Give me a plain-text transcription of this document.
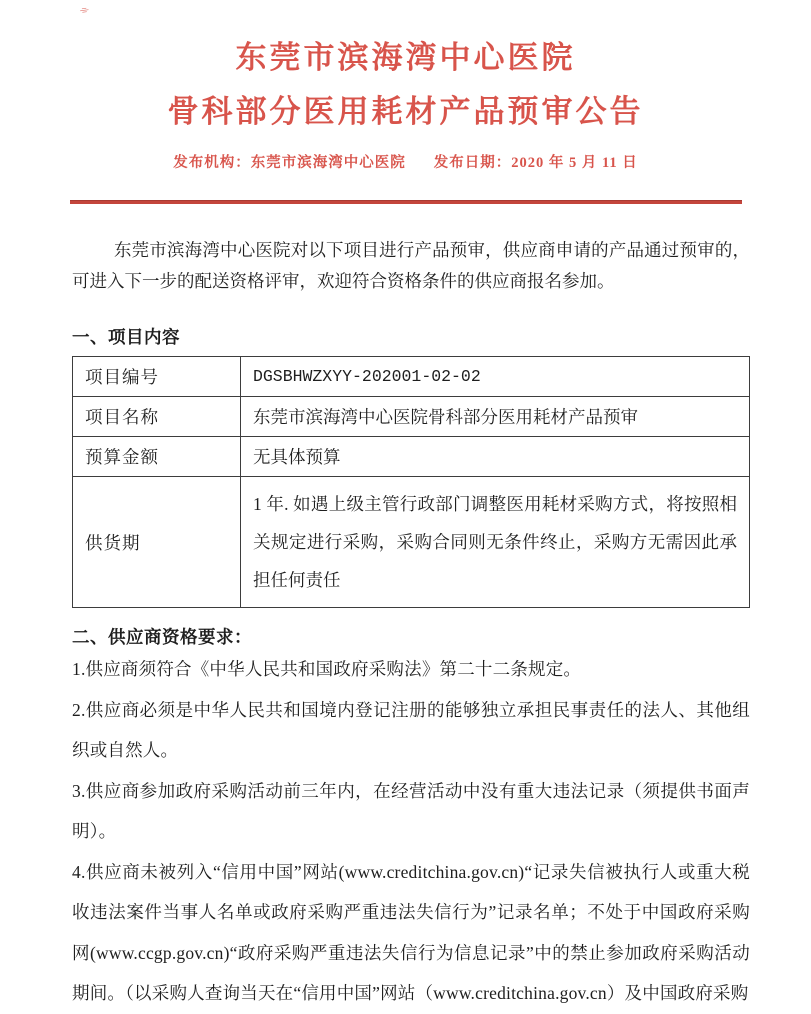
⌯
东莞市滨海湾中心医院
骨科部分医用耗材产品预审公告
发布机构：东莞市滨海湾中心医院 发布日期：2020 年 5 月 11 日

东莞市滨海湾中心医院对以下项目进行产品预审，供应商申请的产品通过预审的，可进入下一步的配送资格评审，欢迎符合资格条件的供应商报名参加。

一、项目内容

项目编号	DGSBHWZXYY-202001-02-02
项目名称	东莞市滨海湾中心医院骨科部分医用耗材产品预审
预算金额	无具体预算
供货期	1 年. 如遇上级主管行政部门调整医用耗材采购方式，将按照相关规定进行采购，采购合同则无条件终止，采购方无需因此承担任何责任

二、供应商资格要求：

1.供应商须符合《中华人民共和国政府采购法》第二十二条规定。

2.供应商必须是中华人民共和国境内登记注册的能够独立承担民事责任的法人、其他组织或自然人。

3.供应商参加政府采购活动前三年内，在经营活动中没有重大违法记录（须提供书面声明）。

4.供应商未被列入“信用中国”网站(www.creditchina.gov.cn)“记录失信被执行人或重大税收违法案件当事人名单或政府采购严重违法失信行为”记录名单；不处于中国政府采购网(www.ccgp.gov.cn)“政府采购严重违法失信行为信息记录”中的禁止参加政府采购活动期间。（以采购人查询当天在“信用中国”网站（www.creditchina.gov.cn）及中国政府采购
